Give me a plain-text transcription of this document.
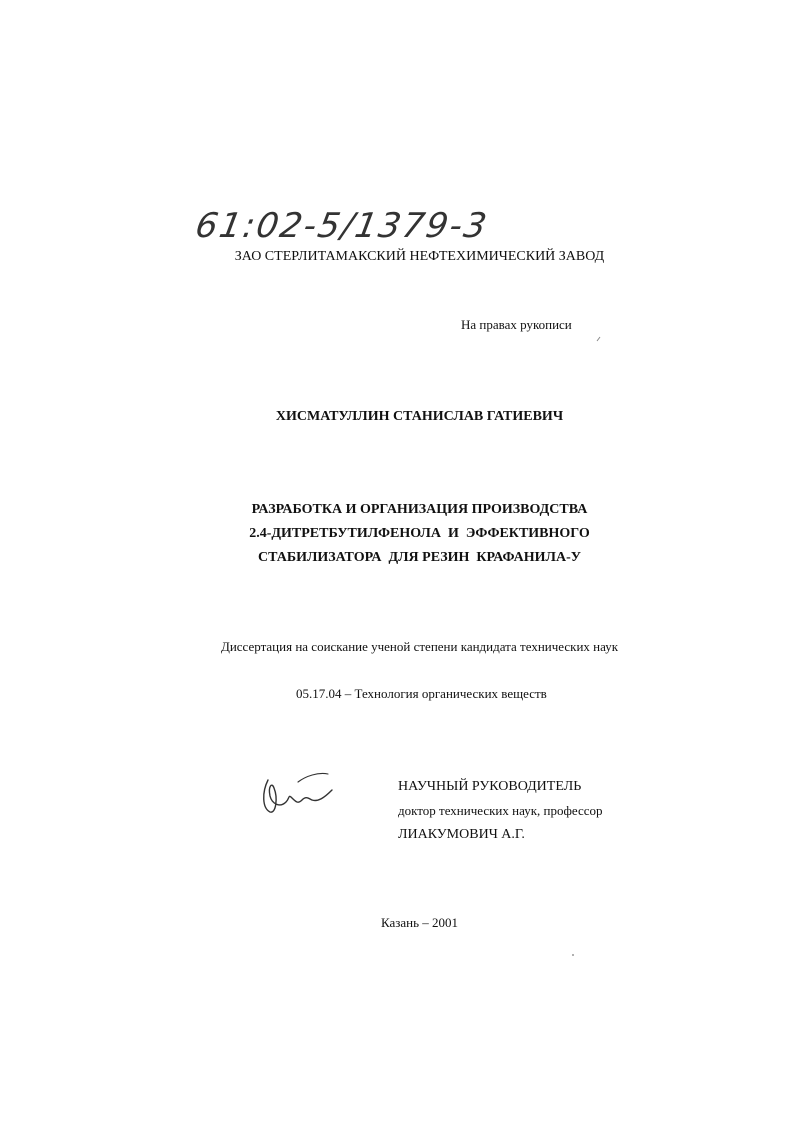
61:02-5/1379-3
ЗАО СТЕРЛИТАМАКСКИЙ НЕФТЕХИМИЧЕСКИЙ ЗАВОД
На правах рукописи
ХИСМАТУЛЛИН СТАНИСЛАВ ГАТИЕВИЧ
РАЗРАБОТКА И ОРГАНИЗАЦИЯ ПРОИЗВОДСТВА
2.4-ДИТРЕТБУТИЛФЕНОЛА  И  ЭФФЕКТИВНОГО
СТАБИЛИЗАТОРА  ДЛЯ РЕЗИН  КРАФАНИЛА-У
Диссертация на соискание ученой степени кандидата технических наук
05.17.04 – Технология органических веществ
НАУЧНЫЙ РУКОВОДИТЕЛЬ
доктор технических наук, профессор
ЛИАКУМОВИЧ А.Г.
Казань – 2001
